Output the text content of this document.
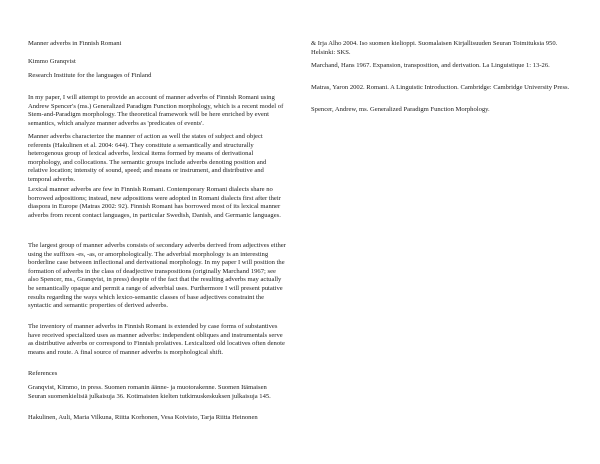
Manner adverbs in Finnish Romani

Kimmo Granqvist

Research Institute for the languages of Finland

In my paper, I will attempt to provide an account of manner adverbs of Finnish Romani using Andrew Spencer's (ms.) Generalized Paradigm Function morphology, which is a recent model of Stem-and-Paradigm morphology. The theoretical framework will be here enriched by event semantics, which analyze manner adverbs as 'predicates of events'.

Manner adverbs characterize the manner of action as well the states of subject and object referents (Hakulinen et al. 2004: 644). They constitute a semantically and structurally heterogenous group of lexical adverbs, lexical items formed by means of derivational morphology, and collocations. The semantic groups include adverbs denoting position and relative location; intensity of sound, speed; and means or instrument, and distributive and temporal adverbs.

Lexical manner adverbs are few in Finnish Romani. Contemporary Romani dialects share no borrowed adpositions; instead, new adpositions were adopted in Romani dialects first after their diaspora in Europe (Matras 2002: 92). Finnish Romani has borrowed most of its lexical manner adverbs from recent contact languages, in particular Swedish, Danish, and Germanic languages.

The largest group of manner adverbs consists of secondary adverbs derived from adjectives either using the suffixes -es, -as, or amorphologically. The adverbial morphology is an interesting borderline case between inflectional and derivational morphology. In my paper I will position the formation of adverbs in the class of deadjective transpositions (originally Marchand 1967; see also Spencer, ms., Granqvist, in press) despite of the fact that the resulting adverbs may actually be semantically opaque and permit a range of adverbial uses. Furthermore I will present putative results regarding the ways which lexico-semantic classes of base adjectives constraint the syntactic and semantic properties of derived adverbs.

The inventory of manner adverbs in Finnish Romani is extended by case forms of substantives have received specialized uses as manner adverbs: independent obliques and instrumentals serve as distributive adverbs or correspond to Finnish prolatives. Lexicalized old locatives often denote means and route. A final source of manner adverbs is morphological shift.

References

Granqvist, Kimmo, in press. Suomen romanin äänne- ja muotorakenne. Suomen Itämaisen Seuran suomenkielisiä julkaisuja 36. Kotimaisten kielten tutkimuskeskuksen julkaisuja 145.

Hakulinen, Auli, Maria Vilkuna, Riitta Korhonen, Vesa Koivisto, Tarja Riitta Heinonen

& Irja Alho 2004. Iso suomen kielioppi. Suomalaisen Kirjallisuuden Seuran Toimituksia 950. Helsinki: SKS.

Marchand, Hans 1967. Expansion, transposition, and derivation. La Linguistique 1: 13-26.

Matras, Yaron 2002. Romani. A Linguistic Introduction. Cambridge: Cambridge University Press.

Spencer, Andrew, ms. Generalized Paradigm Function Morphology.
